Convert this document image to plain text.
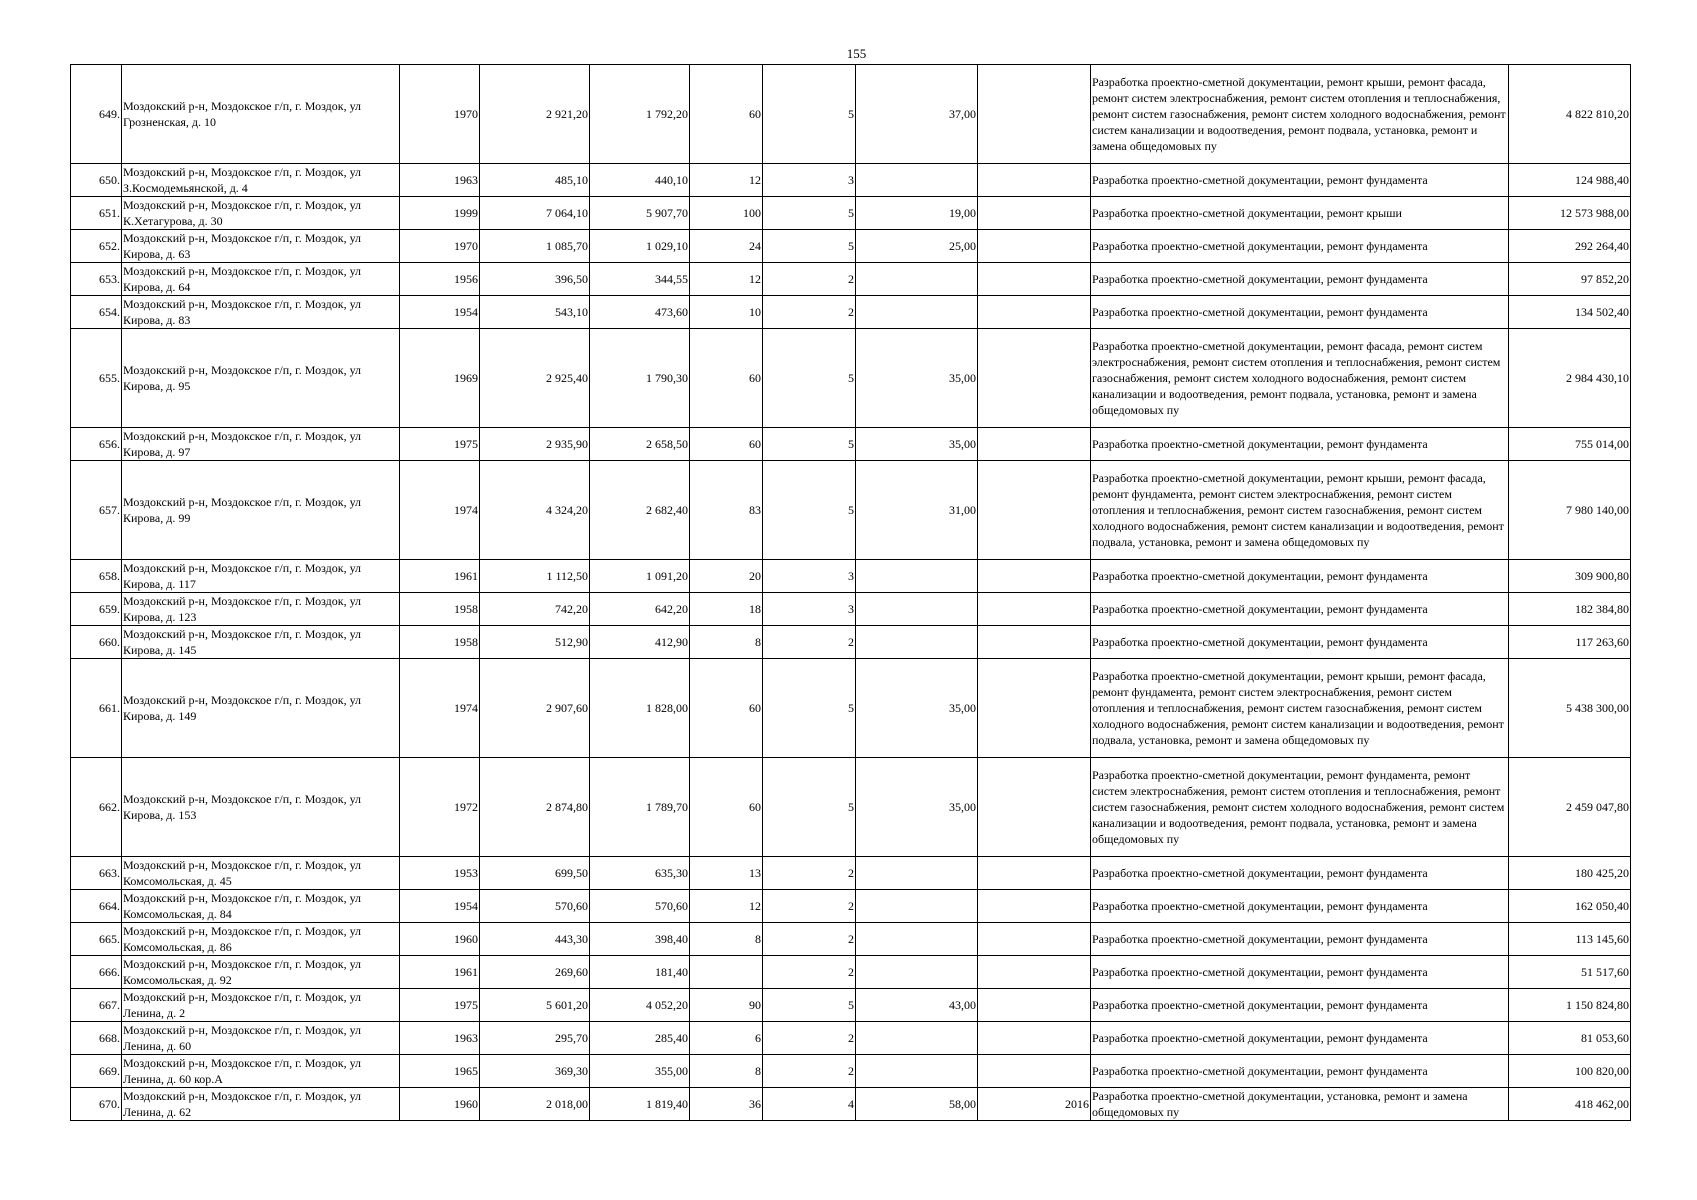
155
649.	Моздокский р-н, Моздокское г/п, г. Моздок, ул Грозненская, д. 10	1970	2 921,20	1 792,20	60	5	37,00		Разработка проектно-сметной документации, ремонт крыши, ремонт фасада, ремонт систем электроснабжения, ремонт систем отопления и теплоснабжения, ремонт систем газоснабжения, ремонт систем холодного водоснабжения, ремонт систем канализации и водоотведения, ремонт подвала, установка, ремонт и замена общедомовых пу	4 822 810,20
650.	Моздокский р-н, Моздокское г/п, г. Моздок, ул З.Космодемьянской, д. 4	1963	485,10	440,10	12	3			Разработка проектно-сметной документации, ремонт фундамента	124 988,40
651.	Моздокский р-н, Моздокское г/п, г. Моздок, ул К.Хетагурова, д. 30	1999	7 064,10	5 907,70	100	5	19,00		Разработка проектно-сметной документации, ремонт крыши	12 573 988,00
652.	Моздокский р-н, Моздокское г/п, г. Моздок, ул Кирова, д. 63	1970	1 085,70	1 029,10	24	5	25,00		Разработка проектно-сметной документации, ремонт фундамента	292 264,40
653.	Моздокский р-н, Моздокское г/п, г. Моздок, ул Кирова, д. 64	1956	396,50	344,55	12	2			Разработка проектно-сметной документации, ремонт фундамента	97 852,20
654.	Моздокский р-н, Моздокское г/п, г. Моздок, ул Кирова, д. 83	1954	543,10	473,60	10	2			Разработка проектно-сметной документации, ремонт фундамента	134 502,40
655.	Моздокский р-н, Моздокское г/п, г. Моздок, ул Кирова, д. 95	1969	2 925,40	1 790,30	60	5	35,00		Разработка проектно-сметной документации, ремонт фасада, ремонт систем электроснабжения, ремонт систем отопления и теплоснабжения, ремонт систем газоснабжения, ремонт систем холодного водоснабжения, ремонт систем канализации и водоотведения, ремонт подвала, установка, ремонт и замена общедомовых пу	2 984 430,10
656.	Моздокский р-н, Моздокское г/п, г. Моздок, ул Кирова, д. 97	1975	2 935,90	2 658,50	60	5	35,00		Разработка проектно-сметной документации, ремонт фундамента	755 014,00
657.	Моздокский р-н, Моздокское г/п, г. Моздок, ул Кирова, д. 99	1974	4 324,20	2 682,40	83	5	31,00		Разработка проектно-сметной документации, ремонт крыши, ремонт фасада, ремонт фундамента, ремонт систем электроснабжения, ремонт систем отопления и теплоснабжения, ремонт систем газоснабжения, ремонт систем холодного водоснабжения, ремонт систем канализации и водоотведения, ремонт подвала, установка, ремонт и замена общедомовых пу	7 980 140,00
658.	Моздокский р-н, Моздокское г/п, г. Моздок, ул Кирова, д. 117	1961	1 112,50	1 091,20	20	3			Разработка проектно-сметной документации, ремонт фундамента	309 900,80
659.	Моздокский р-н, Моздокское г/п, г. Моздок, ул Кирова, д. 123	1958	742,20	642,20	18	3			Разработка проектно-сметной документации, ремонт фундамента	182 384,80
660.	Моздокский р-н, Моздокское г/п, г. Моздок, ул Кирова, д. 145	1958	512,90	412,90	8	2			Разработка проектно-сметной документации, ремонт фундамента	117 263,60
661.	Моздокский р-н, Моздокское г/п, г. Моздок, ул Кирова, д. 149	1974	2 907,60	1 828,00	60	5	35,00		Разработка проектно-сметной документации, ремонт крыши, ремонт фасада, ремонт фундамента, ремонт систем электроснабжения, ремонт систем отопления и теплоснабжения, ремонт систем газоснабжения, ремонт систем холодного водоснабжения, ремонт систем канализации и водоотведения, ремонт подвала, установка, ремонт и замена общедомовых пу	5 438 300,00
662.	Моздокский р-н, Моздокское г/п, г. Моздок, ул Кирова, д. 153	1972	2 874,80	1 789,70	60	5	35,00		Разработка проектно-сметной документации, ремонт фундамента, ремонт систем электроснабжения, ремонт систем отопления и теплоснабжения, ремонт систем газоснабжения, ремонт систем холодного водоснабжения, ремонт систем канализации и водоотведения, ремонт подвала, установка, ремонт и замена общедомовых пу	2 459 047,80
663.	Моздокский р-н, Моздокское г/п, г. Моздок, ул Комсомольская, д. 45	1953	699,50	635,30	13	2			Разработка проектно-сметной документации, ремонт фундамента	180 425,20
664.	Моздокский р-н, Моздокское г/п, г. Моздок, ул Комсомольская, д. 84	1954	570,60	570,60	12	2			Разработка проектно-сметной документации, ремонт фундамента	162 050,40
665.	Моздокский р-н, Моздокское г/п, г. Моздок, ул Комсомольская, д. 86	1960	443,30	398,40	8	2			Разработка проектно-сметной документации, ремонт фундамента	113 145,60
666.	Моздокский р-н, Моздокское г/п, г. Моздок, ул Комсомольская, д. 92	1961	269,60	181,40		2			Разработка проектно-сметной документации, ремонт фундамента	51 517,60
667.	Моздокский р-н, Моздокское г/п, г. Моздок, ул Ленина, д. 2	1975	5 601,20	4 052,20	90	5	43,00		Разработка проектно-сметной документации, ремонт фундамента	1 150 824,80
668.	Моздокский р-н, Моздокское г/п, г. Моздок, ул Ленина, д. 60	1963	295,70	285,40	6	2			Разработка проектно-сметной документации, ремонт фундамента	81 053,60
669.	Моздокский р-н, Моздокское г/п, г. Моздок, ул Ленина, д. 60 кор.А	1965	369,30	355,00	8	2			Разработка проектно-сметной документации, ремонт фундамента	100 820,00
670.	Моздокский р-н, Моздокское г/п, г. Моздок, ул Ленина, д. 62	1960	2 018,00	1 819,40	36	4	58,00	2016	Разработка проектно-сметной документации, установка, ремонт и замена общедомовых пу	418 462,00
